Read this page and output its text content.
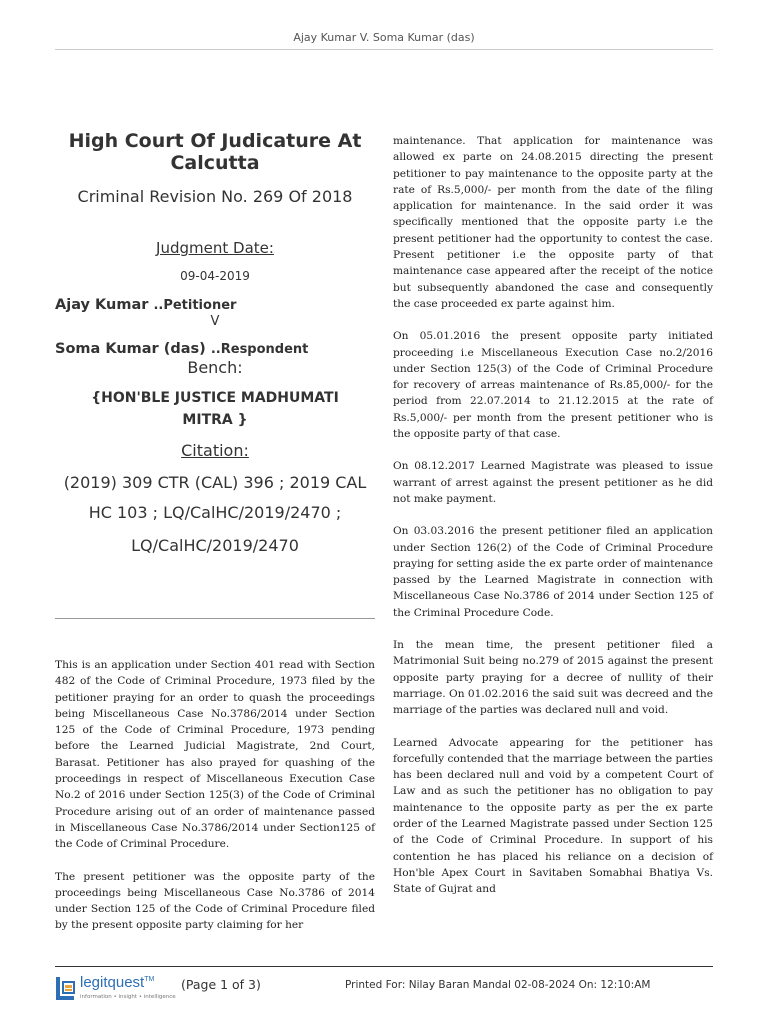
Ajay Kumar V. Soma Kumar (das)
High Court Of Judicature At Calcutta
Criminal Revision No. 269 Of 2018
Judgment Date:
09-04-2019
Ajay Kumar ..Petitioner
V
Soma Kumar (das) ..Respondent
Bench:
{HON'BLE JUSTICE MADHUMATI MITRA }
Citation:
(2019) 309 CTR (CAL) 396 ; 2019 CAL HC 103 ; LQ/CalHC/2019/2470 ;
LQ/CalHC/2019/2470

This is an application under Section 401 read with Section 482 of the Code of Criminal Procedure, 1973 filed by the petitioner praying for an order to quash the proceedings being Miscellaneous Case No.3786/2014 under Section 125 of the Code of Criminal Procedure, 1973 pending before the Learned Judicial Magistrate, 2nd Court, Barasat. Petitioner has also prayed for quashing of the proceedings in respect of Miscellaneous Execution Case No.2 of 2016 under Section 125(3) of the Code of Criminal Procedure arising out of an order of maintenance passed in Miscellaneous Case No.3786/2014 under Section125 of the Code of Criminal Procedure.

The present petitioner was the opposite party of the proceedings being Miscellaneous Case No.3786 of 2014 under Section 125 of the Code of Criminal Procedure filed by the present opposite party claiming for her

maintenance. That application for maintenance was allowed ex parte on 24.08.2015 directing the present petitioner to pay maintenance to the opposite party at the rate of Rs.5,000/- per month from the date of the filing application for maintenance. In the said order it was specifically mentioned that the opposite party i.e the present petitioner had the opportunity to contest the case. Present petitioner i.e the opposite party of that maintenance case appeared after the receipt of the notice but subsequently abandoned the case and consequently the case proceeded ex parte against him.

On 05.01.2016 the present opposite party initiated proceeding i.e Miscellaneous Execution Case no.2/2016 under Section 125(3) of the Code of Criminal Procedure for recovery of arreas maintenance of Rs.85,000/- for the period from 22.07.2014 to 21.12.2015 at the rate of Rs.5,000/- per month from the present petitioner who is the opposite party of that case.

On 08.12.2017 Learned Magistrate was pleased to issue warrant of arrest against the present petitioner as he did not make payment.

On 03.03.2016 the present petitioner filed an application under Section 126(2) of the Code of Criminal Procedure praying for setting aside the ex parte order of maintenance passed by the Learned Magistrate in connection with Miscellaneous Case No.3786 of 2014 under Section 125 of the Criminal Procedure Code.

In the mean time, the present petitioner filed a Matrimonial Suit being no.279 of 2015 against the present opposite party praying for a decree of nullity of their marriage. On 01.02.2016 the said suit was decreed and the marriage of the parties was declared null and void.

Learned Advocate appearing for the petitioner has forcefully contended that the marriage between the parties has been declared null and void by a competent Court of Law and as such the petitioner has no obligation to pay maintenance to the opposite party as per the ex parte order of the Learned Magistrate passed under Section 125 of the Code of Criminal Procedure. In support of his contention he has placed his reliance on a decision of Hon'ble Apex Court in Savitaben Somabhai Bhatiya Vs. State of Gujrat and

legitquest™
information • insight • intelligence
(Page 1 of 3)	Printed For: Nilay Baran Mandal 02-08-2024 On: 12:10:AM
